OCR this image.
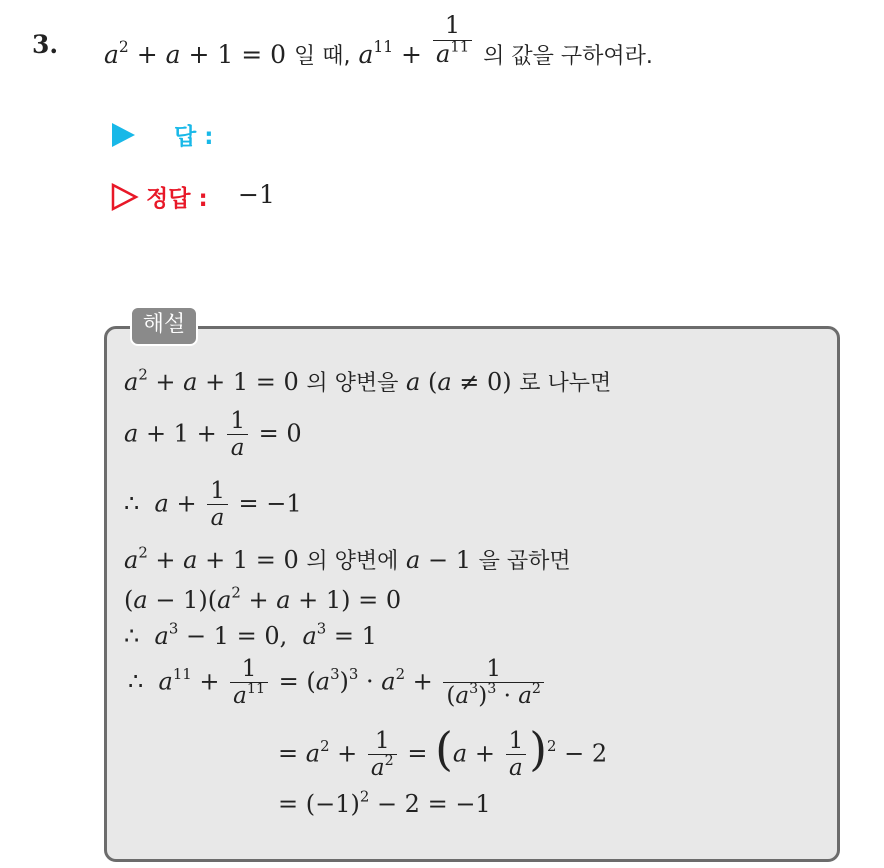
3. $a^2 + a + 1 = 0$ 일 때, $a^{11} + \frac{1}{a^{11}}$ 의 값을 구하여라.
답 :
정답 : −1
해설
$a^2 + a + 1 = 0$ 의 양변을 a (a ≠ 0) 로 나누면
$a + 1 + \frac{1}{a} = 0$
∴  $a + \frac{1}{a} = -1$
$a^2 + a + 1 = 0$ 의 양변에 a − 1 을 곱하면
$(a - 1)(a^2 + a + 1) = 0$
∴  $a^3 - 1 = 0$,  $a^3 = 1$
∴  $a^{11} + \frac{1}{a^{11}} = (a^3)^3 \cdot a^2 + \frac{1}{(a^3)^3 \cdot a^2}$
= $a^2 + \frac{1}{a^2} = (a + \frac{1}{a} )^2 - 2$
= $(-1)^2 - 2 = -1$
